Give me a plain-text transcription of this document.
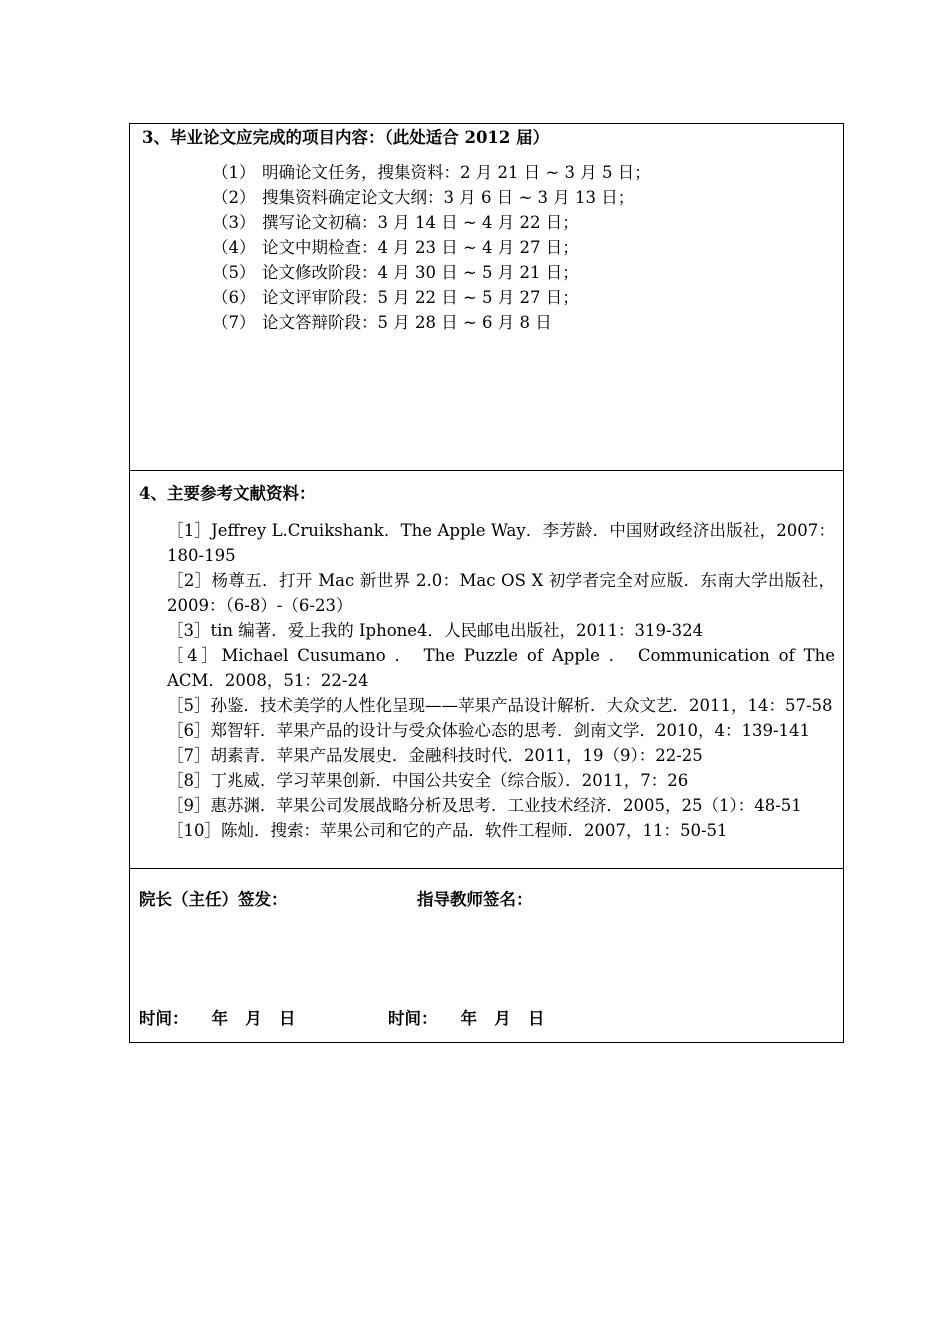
3、毕业论文应完成的项目内容：（此处适合 2012 届）
（1） 明确论文任务，搜集资料：2 月 21 日 ~ 3 月 5 日；
（2） 搜集资料确定论文大纲：3 月 6 日 ~ 3 月 13 日；
（3） 撰写论文初稿：3 月 14 日 ~ 4 月 22 日；
（4） 论文中期检查：4 月 23 日 ~ 4 月 27 日；
（5） 论文修改阶段：4 月 30 日 ~ 5 月 21 日；
（6） 论文评审阶段：5 月 22 日 ~ 5 月 27 日；
（7） 论文答辩阶段：5 月 28 日 ~ 6 月 8 日
4、主要参考文献资料：
［1］Jeffrey L.Cruikshank．The Apple Way．李芳龄．中国财政经济出版社，2007：180-195
［2］杨尊五．打开 Mac 新世界 2.0：Mac OS X 初学者完全对应版．东南大学出版社，2009：（6-8）-（6-23）
［3］tin 编著．爱上我的 Iphone4．人民邮电出版社，2011：319-324
［4］Michael Cusumano ． The Puzzle of Apple ． Communication of The ACM．2008，51：22-24
［5］孙鉴．技术美学的人性化呈现——苹果产品设计解析．大众文艺．2011，14：57-58
［6］郑智轩．苹果产品的设计与受众体验心态的思考．剑南文学．2010，4：139-141
［7］胡素青．苹果产品发展史．金融科技时代．2011，19（9）：22-25
［8］丁兆威．学习苹果创新．中国公共安全（综合版）．2011，7：26
［9］惠苏渊．苹果公司发展战略分析及思考．工业技术经济．2005，25（1）：48-51
［10］陈灿．搜索：苹果公司和它的产品．软件工程师．2007，11：50-51
院长（主任）签发：	指导教师签名：
时间：    年   月   日	时间：    年   月   日
